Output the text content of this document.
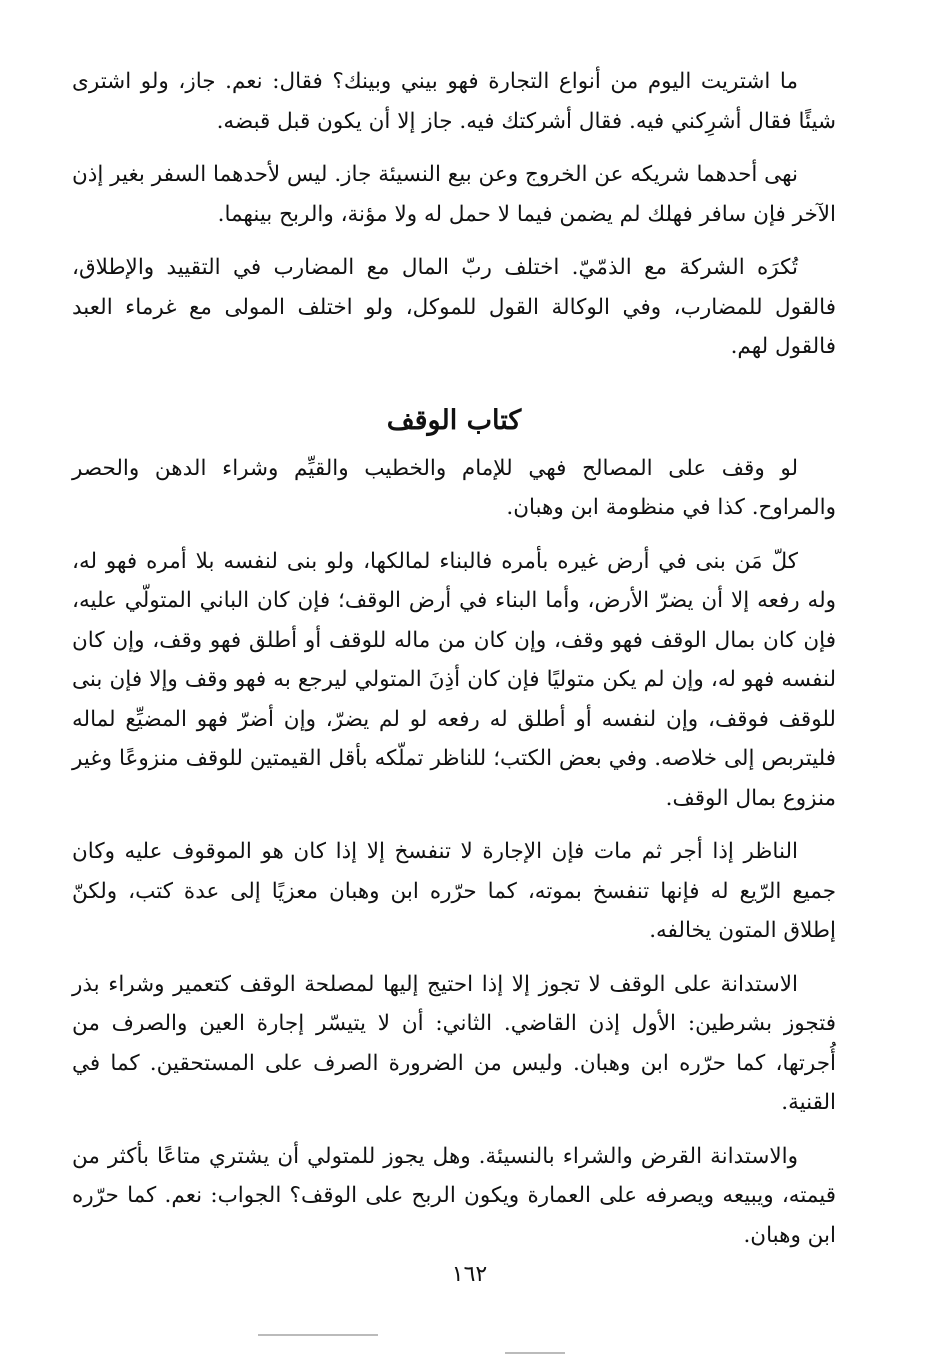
ما اشتريت اليوم من أنواع التجارة فهو بيني وبينك؟ فقال: نعم. جاز، ولو اشترى شيئًا فقال أشرِكني فيه. فقال أشركتك فيه. جاز إلا أن يكون قبل قبضه.

نهى أحدهما شريكه عن الخروج وعن بيع النسيئة جاز. ليس لأحدهما السفر بغير إذن الآخر فإن سافر فهلك لم يضمن فيما لا حمل له ولا مؤنة، والربح بينهما.

تُكرَه الشركة مع الذمّيّ. اختلف ربّ المال مع المضارب في التقييد والإطلاق، فالقول للمضارب، وفي الوكالة القول للموكل، ولو اختلف المولى مع غرماء العبد فالقول لهم.

كتاب الوقف

لو وقف على المصالح فهي للإمام والخطيب والقيِّم وشراء الدهن والحصر والمراوح. كذا في منظومة ابن وهبان.

كلّ مَن بنى في أرض غيره بأمره فالبناء لمالكها، ولو بنى لنفسه بلا أمره فهو له، وله رفعه إلا أن يضرّ الأرض، وأما البناء في أرض الوقف؛ فإن كان الباني المتولّي عليه، فإن كان بمال الوقف فهو وقف، وإن كان من ماله للوقف أو أطلق فهو وقف، وإن كان لنفسه فهو له، وإن لم يكن متوليًا فإن كان أذِنَ المتولي ليرجع به فهو وقف وإلا فإن بنى للوقف فوقف، وإن لنفسه أو أطلق له رفعه لو لم يضرّ، وإن أضرّ فهو المضيِّع لماله فليتربص إلى خلاصه. وفي بعض الكتب؛ للناظر تملّكه بأقل القيمتين للوقف منزوعًا وغير منزوع بمال الوقف.

الناظر إذا أجر ثم مات فإن الإجارة لا تنفسخ إلا إذا كان هو الموقوف عليه وكان جميع الرّيع له فإنها تنفسخ بموته، كما حرّره ابن وهبان معزيًا إلى عدة كتب، ولكنّ إطلاق المتون يخالفه.

الاستدانة على الوقف لا تجوز إلا إذا احتيج إليها لمصلحة الوقف كتعمير وشراء بذر فتجوز بشرطين: الأول إذن القاضي. الثاني: أن لا يتيسّر إجارة العين والصرف من أُجرتها، كما حرّره ابن وهبان. وليس من الضرورة الصرف على المستحقين. كما في القنية.

والاستدانة القرض والشراء بالنسيئة. وهل يجوز للمتولي أن يشتري متاعًا بأكثر من قيمته، ويبيعه ويصرفه على العمارة ويكون الربح على الوقف؟ الجواب: نعم. كما حرّره ابن وهبان.

١٦٢
